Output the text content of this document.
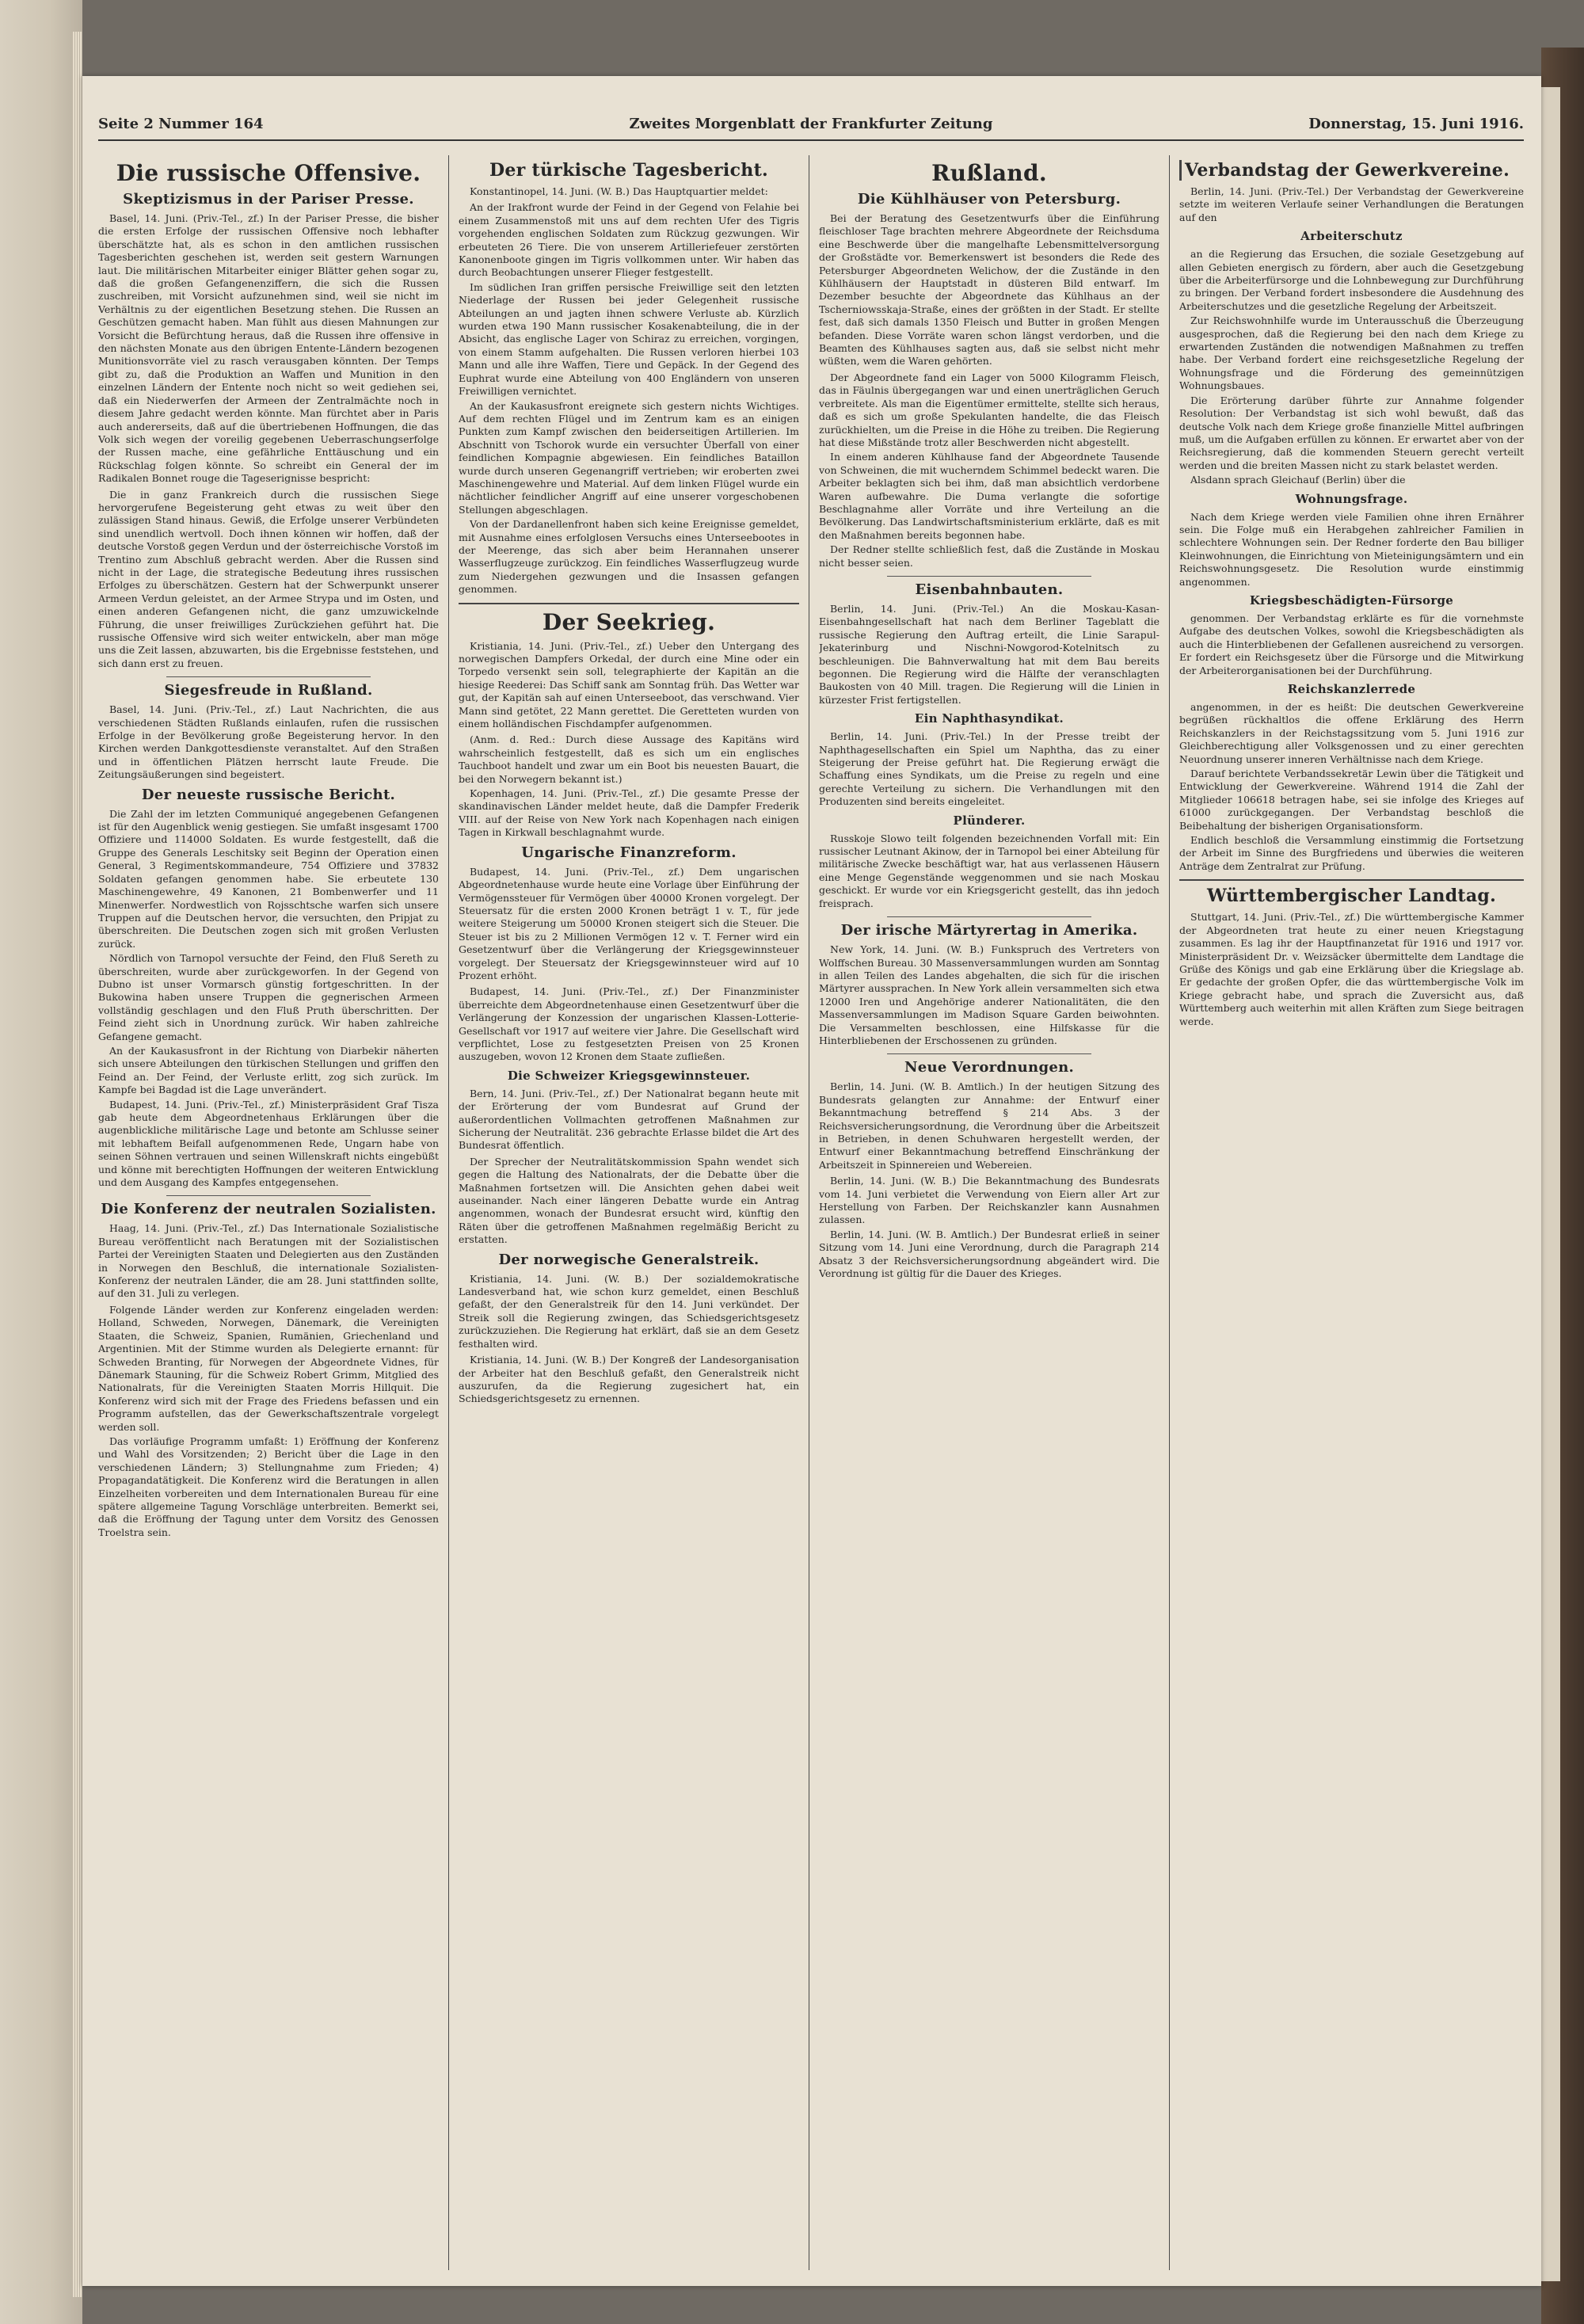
Seite 2 Nummer 164	Zweites Morgenblatt der Frankfurter Zeitung	Donnerstag, 15. Juni 1916.
Die russische Offensive.
Skeptizismus in der Pariser Presse.

Basel, 14. Juni. (Priv.-Tel., zf.) In der Pariser Presse, die bisher die ersten Erfolge der russischen Offensive noch lebhafter überschätzte hat, als es schon in den amtlichen russischen Tagesberichten geschehen ist, werden seit gestern Warnungen laut. Die militärischen Mitarbeiter einiger Blätter gehen sogar zu, daß die großen Gefangenenziffern, die sich die Russen zuschreiben, mit Vorsicht aufzunehmen sind, weil sie nicht im Verhältnis zu der eigentlichen Besetzung stehen. Die Russen an Geschützen gemacht haben. Man fühlt aus diesen Mahnungen zur Vorsicht die Befürchtung heraus, daß die Russen ihre offensive in den nächsten Monate aus den übrigen Entente-Ländern bezogenen Munitionsvorräte viel zu rasch verausgaben könnten. Der Temps gibt zu, daß die Produktion an Waffen und Munition in den einzelnen Ländern der Entente noch nicht so weit gediehen sei, daß ein Niederwerfen der Armeen der Zentralmächte noch in diesem Jahre gedacht werden könnte. Man fürchtet aber in Paris auch andererseits, daß auf die übertriebenen Hoffnungen, die das Volk sich wegen der voreilig gegebenen Ueberraschungserfolge der Russen mache, eine gefährliche Enttäuschung und ein Rückschlag folgen könnte. So schreibt ein General der im Radikalen Bonnet rouge die Tageserignisse bespricht:

Die in ganz Frankreich durch die russischen Siege hervorgerufene Begeisterung geht etwas zu weit über den zulässigen Stand hinaus. Gewiß, die Erfolge unserer Verbündeten sind unendlich wertvoll. Doch ihnen können wir hoffen, daß der deutsche Vorstoß gegen Verdun und der österreichische Vorstoß im Trentino zum Abschluß gebracht werden. Aber die Russen sind nicht in der Lage, die strategische Bedeutung ihres russischen Erfolges zu überschätzen. Gestern hat der Schwerpunkt unserer Armeen Verdun geleistet, an der Armee Strypa und im Osten, und einen anderen Gefangenen nicht, die ganz umzuwickelnde Führung, die unser freiwilliges Zurückziehen geführt hat. Die russische Offensive wird sich weiter entwickeln, aber man möge uns die Zeit lassen, abzuwarten, bis die Ergebnisse feststehen, und sich dann erst zu freuen.

Siegesfreude in Rußland.

Basel, 14. Juni. (Priv.-Tel., zf.) Laut Nachrichten, die aus verschiedenen Städten Rußlands einlaufen, rufen die russischen Erfolge in der Bevölkerung große Begeisterung hervor. In den Kirchen werden Dankgottesdienste veranstaltet. Auf den Straßen und in öffentlichen Plätzen herrscht laute Freude. Die Zeitungsäußerungen sind begeistert.

Der neueste russische Bericht.

Die Zahl der im letzten Communiqué angegebenen Gefangenen ist für den Augenblick wenig gestiegen. Sie umfaßt insgesamt 1700 Offiziere und 114000 Soldaten. Es wurde festgestellt, daß die Gruppe des Generals Leschitsky seit Beginn der Operation einen General, 3 Regimentskommandeure, 754 Offiziere und 37832 Soldaten gefangen genommen habe. Sie erbeutete 130 Maschinengewehre, 49 Kanonen, 21 Bombenwerfer und 11 Minenwerfer. Nordwestlich von Rojsschtsche warfen sich unsere Truppen auf die Deutschen hervor, die versuchten, den Pripjat zu überschreiten. Die Deutschen zogen sich mit großen Verlusten zurück.

Nördlich von Tarnopol versuchte der Feind, den Fluß Sereth zu überschreiten, wurde aber zurückgeworfen. In der Gegend von Dubno ist unser Vormarsch günstig fortgeschritten. In der Bukowina haben unsere Truppen die gegnerischen Armeen vollständig geschlagen und den Fluß Pruth überschritten. Der Feind zieht sich in Unordnung zurück. Wir haben zahlreiche Gefangene gemacht.

An der Kaukasusfront in der Richtung von Diarbekir näherten sich unsere Abteilungen den türkischen Stellungen und griffen den Feind an. Der Feind, der Verluste erlitt, zog sich zurück. Im Kampfe bei Bagdad ist die Lage unverändert.

Budapest, 14. Juni. (Priv.-Tel., zf.) Ministerpräsident Graf Tisza gab heute dem Abgeordnetenhaus Erklärungen über die augenblickliche militärische Lage und betonte am Schlusse seiner mit lebhaftem Beifall aufgenommenen Rede, Ungarn habe von seinen Söhnen vertrauen und seinen Willenskraft nichts eingebüßt und könne mit berechtigten Hoffnungen der weiteren Entwicklung und dem Ausgang des Kampfes entgegensehen.

Die Konferenz der neutralen Sozialisten.

Haag, 14. Juni. (Priv.-Tel., zf.) Das Internationale Sozialistische Bureau veröffentlicht nach Beratungen mit der Sozialistischen Partei der Vereinigten Staaten und Delegierten aus den Zuständen in Norwegen den Beschluß, die internationale Sozialisten-Konferenz der neutralen Länder, die am 28. Juni stattfinden sollte, auf den 31. Juli zu verlegen.

Folgende Länder werden zur Konferenz eingeladen werden: Holland, Schweden, Norwegen, Dänemark, die Vereinigten Staaten, die Schweiz, Spanien, Rumänien, Griechenland und Argentinien. Mit der Stimme wurden als Delegierte ernannt: für Schweden Branting, für Norwegen der Abgeordnete Vidnes, für Dänemark Stauning, für die Schweiz Robert Grimm, Mitglied des Nationalrats, für die Vereinigten Staaten Morris Hillquit. Die Konferenz wird sich mit der Frage des Friedens befassen und ein Programm aufstellen, das der Gewerkschaftszentrale vorgelegt werden soll.

Das vorläufige Programm umfaßt: 1) Eröffnung der Konferenz und Wahl des Vorsitzenden; 2) Bericht über die Lage in den verschiedenen Ländern; 3) Stellungnahme zum Frieden; 4) Propagandatätigkeit. Die Konferenz wird die Beratungen in allen Einzelheiten vorbereiten und dem Internationalen Bureau für eine spätere allgemeine Tagung Vorschläge unterbreiten. Bemerkt sei, daß die Eröffnung der Tagung unter dem Vorsitz des Genossen Troelstra sein.

Der türkische Tagesbericht.

Konstantinopel, 14. Juni. (W. B.) Das Hauptquartier meldet:

An der Irakfront wurde der Feind in der Gegend von Felahie bei einem Zusammenstoß mit uns auf dem rechten Ufer des Tigris vorgehenden englischen Soldaten zum Rückzug gezwungen. Wir erbeuteten 26 Tiere. Die von unserem Artilleriefeuer zerstörten Kanonenboote gingen im Tigris vollkommen unter. Wir haben das durch Beobachtungen unserer Flieger festgestellt.

Im südlichen Iran griffen persische Freiwillige seit den letzten Niederlage der Russen bei jeder Gelegenheit russische Abteilungen an und jagten ihnen schwere Verluste ab. Kürzlich wurden etwa 190 Mann russischer Kosakenabteilung, die in der Absicht, das englische Lager von Schiraz zu erreichen, vorgingen, von einem Stamm aufgehalten. Die Russen verloren hierbei 103 Mann und alle ihre Waffen, Tiere und Gepäck. In der Gegend des Euphrat wurde eine Abteilung von 400 Engländern von unseren Freiwilligen vernichtet.

An der Kaukasusfront ereignete sich gestern nichts Wichtiges. Auf dem rechten Flügel und im Zentrum kam es an einigen Punkten zum Kampf zwischen den beiderseitigen Artillerien. Im Abschnitt von Tschorok wurde ein versuchter Überfall von einer feindlichen Kompagnie abgewiesen. Ein feindliches Bataillon wurde durch unseren Gegenangriff vertrieben; wir eroberten zwei Maschinengewehre und Material. Auf dem linken Flügel wurde ein nächtlicher feindlicher Angriff auf eine unserer vorgeschobenen Stellungen abgeschlagen.

Von der Dardanellenfront haben sich keine Ereignisse gemeldet, mit Ausnahme eines erfolglosen Versuchs eines Unterseebootes in der Meerenge, das sich aber beim Herannahen unserer Wasserflugzeuge zurückzog. Ein feindliches Wasserflugzeug wurde zum Niedergehen gezwungen und die Insassen gefangen genommen.

Der Seekrieg.

Kristiania, 14. Juni. (Priv.-Tel., zf.) Ueber den Untergang des norwegischen Dampfers Orkedal, der durch eine Mine oder ein Torpedo versenkt sein soll, telegraphierte der Kapitän an die hiesige Reederei: Das Schiff sank am Sonntag früh. Das Wetter war gut, der Kapitän sah auf einen Unterseeboot, das verschwand. Vier Mann sind getötet, 22 Mann gerettet. Die Geretteten wurden von einem holländischen Fischdampfer aufgenommen.

(Anm. d. Red.: Durch diese Aussage des Kapitäns wird wahrscheinlich festgestellt, daß es sich um ein englisches Tauchboot handelt und zwar um ein Boot bis neuesten Bauart, die bei den Norwegern bekannt ist.)

Kopenhagen, 14. Juni. (Priv.-Tel., zf.) Die gesamte Presse der skandinavischen Länder meldet heute, daß die Dampfer Frederik VIII. auf der Reise von New York nach Kopenhagen nach einigen Tagen in Kirkwall beschlagnahmt wurde.

Ungarische Finanzreform.

Budapest, 14. Juni. (Priv.-Tel., zf.) Dem ungarischen Abgeordnetenhause wurde heute eine Vorlage über Einführung der Vermögenssteuer für Vermögen über 40000 Kronen vorgelegt. Der Steuersatz für die ersten 2000 Kronen beträgt 1 v. T., für jede weitere Steigerung um 50000 Kronen steigert sich die Steuer. Die Steuer ist bis zu 2 Millionen Vermögen 12 v. T. Ferner wird ein Gesetzentwurf über die Verlängerung der Kriegsgewinnsteuer vorgelegt. Der Steuersatz der Kriegsgewinnsteuer wird auf 10 Prozent erhöht.

Budapest, 14. Juni. (Priv.-Tel., zf.) Der Finanzminister überreichte dem Abgeordnetenhause einen Gesetzentwurf über die Verlängerung der Konzession der ungarischen Klassen-Lotterie-Gesellschaft vor 1917 auf weitere vier Jahre. Die Gesellschaft wird verpflichtet, Lose zu festgesetzten Preisen von 25 Kronen auszugeben, wovon 12 Kronen dem Staate zufließen.

Die Schweizer Kriegsgewinnsteuer.

Bern, 14. Juni. (Priv.-Tel., zf.) Der Nationalrat begann heute mit der Erörterung der vom Bundesrat auf Grund der außerordentlichen Vollmachten getroffenen Maßnahmen zur Sicherung der Neutralität. 236 gebrachte Erlasse bildet die Art des Bundesrat öffentlich.

Der Sprecher der Neutralitätskommission Spahn wendet sich gegen die Haltung des Nationalrats, der die Debatte über die Maßnahmen fortsetzen will. Die Ansichten gehen dabei weit auseinander. Nach einer längeren Debatte wurde ein Antrag angenommen, wonach der Bundesrat ersucht wird, künftig den Räten über die getroffenen Maßnahmen regelmäßig Bericht zu erstatten.

Der norwegische Generalstreik.

Kristiania, 14. Juni. (W. B.) Der sozialdemokratische Landesverband hat, wie schon kurz gemeldet, einen Beschluß gefaßt, der den Generalstreik für den 14. Juni verkündet. Der Streik soll die Regierung zwingen, das Schiedsgerichtsgesetz zurückzuziehen. Die Regierung hat erklärt, daß sie an dem Gesetz festhalten wird.

Kristiania, 14. Juni. (W. B.) Der Kongreß der Landesorganisation der Arbeiter hat den Beschluß gefaßt, den Generalstreik nicht auszurufen, da die Regierung zugesichert hat, ein Schiedsgerichtsgesetz zu ernennen.

Rußland.
Die Kühlhäuser von Petersburg.

Bei der Beratung des Gesetzentwurfs über die Einführung fleischloser Tage brachten mehrere Abgeordnete der Reichsduma eine Beschwerde über die mangelhafte Lebensmittelversorgung der Großstädte vor. Bemerkenswert ist besonders die Rede des Petersburger Abgeordneten Welichow, der die Zustände in den Kühlhäusern der Hauptstadt in düsteren Bild entwarf. Im Dezember besuchte der Abgeordnete das Kühlhaus an der Tscherniowsskaja-Straße, eines der größten in der Stadt. Er stellte fest, daß sich damals 1350 Fleisch und Butter in großen Mengen befanden. Diese Vorräte waren schon längst verdorben, und die Beamten des Kühlhauses sagten aus, daß sie selbst nicht mehr wüßten, wem die Waren gehörten.

Der Abgeordnete fand ein Lager von 5000 Kilogramm Fleisch, das in Fäulnis übergegangen war und einen unerträglichen Geruch verbreitete. Als man die Eigentümer ermittelte, stellte sich heraus, daß es sich um große Spekulanten handelte, die das Fleisch zurückhielten, um die Preise in die Höhe zu treiben. Die Regierung hat diese Mißstände trotz aller Beschwerden nicht abgestellt.

In einem anderen Kühlhause fand der Abgeordnete Tausende von Schweinen, die mit wucherndem Schimmel bedeckt waren. Die Arbeiter beklagten sich bei ihm, daß man absichtlich verdorbene Waren aufbewahre. Die Duma verlangte die sofortige Beschlagnahme aller Vorräte und ihre Verteilung an die Bevölkerung. Das Landwirtschaftsministerium erklärte, daß es mit den Maßnahmen bereits begonnen habe.

Der Redner stellte schließlich fest, daß die Zustände in Moskau nicht besser seien.

Eisenbahnbauten.

Berlin, 14. Juni. (Priv.-Tel.) An die Moskau-Kasan-Eisenbahngesellschaft hat nach dem Berliner Tageblatt die russische Regierung den Auftrag erteilt, die Linie Sarapul-Jekaterinburg und Nischni-Nowgorod-Kotelnitsch zu beschleunigen. Die Bahnverwaltung hat mit dem Bau bereits begonnen. Die Regierung wird die Hälfte der veranschlagten Baukosten von 40 Mill. tragen. Die Regierung will die Linien in kürzester Frist fertigstellen.

Ein Naphthasyndikat.

Berlin, 14. Juni. (Priv.-Tel.) In der Presse treibt der Naphthagesellschaften ein Spiel um Naphtha, das zu einer Steigerung der Preise geführt hat. Die Regierung erwägt die Schaffung eines Syndikats, um die Preise zu regeln und eine gerechte Verteilung zu sichern. Die Verhandlungen mit den Produzenten sind bereits eingeleitet.

Plünderer.

Russkoje Slowo teilt folgenden bezeichnenden Vorfall mit: Ein russischer Leutnant Akinow, der in Tarnopol bei einer Abteilung für militärische Zwecke beschäftigt war, hat aus verlassenen Häusern eine Menge Gegenstände weggenommen und sie nach Moskau geschickt. Er wurde vor ein Kriegsgericht gestellt, das ihn jedoch freisprach.

Der irische Märtyrertag in Amerika.

New York, 14. Juni. (W. B.) Funkspruch des Vertreters von Wolffschen Bureau. 30 Massenversammlungen wurden am Sonntag in allen Teilen des Landes abgehalten, die sich für die irischen Märtyrer aussprachen. In New York allein versammelten sich etwa 12000 Iren und Angehörige anderer Nationalitäten, die den Massenversammlungen im Madison Square Garden beiwohnten. Die Versammelten beschlossen, eine Hilfskasse für die Hinterbliebenen der Erschossenen zu gründen.

Neue Verordnungen.

Berlin, 14. Juni. (W. B. Amtlich.) In der heutigen Sitzung des Bundesrats gelangten zur Annahme: der Entwurf einer Bekanntmachung betreffend § 214 Abs. 3 der Reichsversicherungsordnung, die Verordnung über die Arbeitszeit in Betrieben, in denen Schuhwaren hergestellt werden, der Entwurf einer Bekanntmachung betreffend Einschränkung der Arbeitszeit in Spinnereien und Webereien.

Berlin, 14. Juni. (W. B.) Die Bekanntmachung des Bundesrats vom 14. Juni verbietet die Verwendung von Eiern aller Art zur Herstellung von Farben. Der Reichskanzler kann Ausnahmen zulassen.

Berlin, 14. Juni. (W. B. Amtlich.) Der Bundesrat erließ in seiner Sitzung vom 14. Juni eine Verordnung, durch die Paragraph 214 Absatz 3 der Reichsversicherungsordnung abgeändert wird. Die Verordnung ist gültig für die Dauer des Krieges.

Verbandstag der Gewerkvereine.

Berlin, 14. Juni. (Priv.-Tel.) Der Verbandstag der Gewerkvereine setzte im weiteren Verlaufe seiner Verhandlungen die Beratungen auf den

Arbeiterschutz

an die Regierung das Ersuchen, die soziale Gesetzgebung auf allen Gebieten energisch zu fördern, aber auch die Gesetzgebung über die Arbeiterfürsorge und die Lohnbewegung zur Durchführung zu bringen. Der Verband fordert insbesondere die Ausdehnung des Arbeiterschutzes und die gesetzliche Regelung der Arbeitszeit.

Zur Reichswohnhilfe wurde im Unterausschuß die Überzeugung ausgesprochen, daß die Regierung bei den nach dem Kriege zu erwartenden Zuständen die notwendigen Maßnahmen zu treffen habe. Der Verband fordert eine reichsgesetzliche Regelung der Wohnungsfrage und die Förderung des gemeinnützigen Wohnungsbaues.

Die Erörterung darüber führte zur Annahme folgender Resolution: Der Verbandstag ist sich wohl bewußt, daß das deutsche Volk nach dem Kriege große finanzielle Mittel aufbringen muß, um die Aufgaben erfüllen zu können. Er erwartet aber von der Reichsregierung, daß die kommenden Steuern gerecht verteilt werden und die breiten Massen nicht zu stark belastet werden.

Alsdann sprach Gleichauf (Berlin) über die

Wohnungsfrage.

Nach dem Kriege werden viele Familien ohne ihren Ernährer sein. Die Folge muß ein Herabgehen zahlreicher Familien in schlechtere Wohnungen sein. Der Redner forderte den Bau billiger Kleinwohnungen, die Einrichtung von Mieteinigungsämtern und ein Reichswohnungsgesetz. Die Resolution wurde einstimmig angenommen.

Kriegsbeschädigten-Fürsorge

genommen. Der Verbandstag erklärte es für die vornehmste Aufgabe des deutschen Volkes, sowohl die Kriegsbeschädigten als auch die Hinterbliebenen der Gefallenen ausreichend zu versorgen. Er fordert ein Reichsgesetz über die Fürsorge und die Mitwirkung der Arbeiterorganisationen bei der Durchführung.

Reichskanzlerrede

angenommen, in der es heißt: Die deutschen Gewerkvereine begrüßen rückhaltlos die offene Erklärung des Herrn Reichskanzlers in der Reichstagssitzung vom 5. Juni 1916 zur Gleichberechtigung aller Volksgenossen und zu einer gerechten Neuordnung unserer inneren Verhältnisse nach dem Kriege.

Darauf berichtete Verbandssekretär Lewin über die Tätigkeit und Entwicklung der Gewerkvereine. Während 1914 die Zahl der Mitglieder 106618 betragen habe, sei sie infolge des Krieges auf 61000 zurückgegangen. Der Verbandstag beschloß die Beibehaltung der bisherigen Organisationsform.

Endlich beschloß die Versammlung einstimmig die Fortsetzung der Arbeit im Sinne des Burgfriedens und überwies die weiteren Anträge dem Zentralrat zur Prüfung.

Württembergischer Landtag.

Stuttgart, 14. Juni. (Priv.-Tel., zf.) Die württembergische Kammer der Abgeordneten trat heute zu einer neuen Kriegstagung zusammen. Es lag ihr der Hauptfinanzetat für 1916 und 1917 vor. Ministerpräsident Dr. v. Weizsäcker übermittelte dem Landtage die Grüße des Königs und gab eine Erklärung über die Kriegslage ab. Er gedachte der großen Opfer, die das württembergische Volk im Kriege gebracht habe, und sprach die Zuversicht aus, daß Württemberg auch weiterhin mit allen Kräften zum Siege beitragen werde.
